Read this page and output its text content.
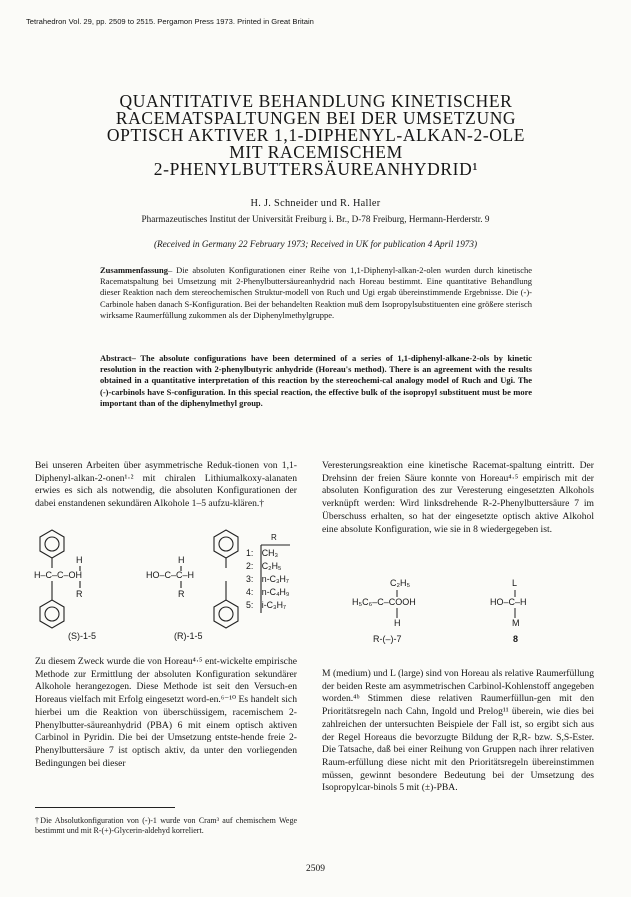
Tetrahedron Vol. 29, pp. 2509 to 2515. Pergamon Press 1973. Printed in Great Britain
QUANTITATIVE BEHANDLUNG KINETISCHER
RACEMATSPALTUNGEN BEI DER UMSETZUNG
OPTISCH AKTIVER 1,1-DIPHENYL-ALKAN-2-OLE
MIT RACEMISCHEM
2-PHENYLBUTTERSÄUREANHYDRID¹
H. J. Schneider und R. Haller
Pharmazeutisches Institut der Universität Freiburg i. Br., D-78 Freiburg, Hermann-Herderstr. 9
(Received in Germany 22 February 1973; Received in UK for publication 4 April 1973)
Zusammenfassung– Die absoluten Konfigurationen einer Reihe von 1,1-Diphenyl-alkan-2-olen wurden durch kinetische Racematspaltung bei Umsetzung mit 2-Phenylbuttersäureanhydrid nach Horeau bestimmt. Eine quantitative Behandlung dieser Reaktion nach dem stereochemischen Struktur-modell von Ruch und Ugi ergab übereinstimmende Ergebnisse. Die (-)-Carbinole haben danach S-Konfiguration. Bei der behandelten Reaktion muß dem Isopropylsubstituenten eine größere sterisch wirksame Raumerfüllung zukommen als der Diphenylmethylgruppe.
Abstract– The absolute configurations have been determined of a series of 1,1-diphenyl-alkane-2-ols by kinetic resolution in the reaction with 2-phenylbutyric anhydride (Horeau's method). There is an agreement with the results obtained in a quantitative interpretation of this reaction by the stereochemi-cal analogy model of Ruch and Ugi. The (-)-carbinols have S-configuration. In this special reaction, the effective bulk of the isopropyl substituent must be more important than of the diphenylmethyl group.
Bei unseren Arbeiten über asymmetrische Reduk-tionen von 1,1-Diphenyl-alkan-2-onen¹·² mit chiralen Lithiumalkoxy-alanaten erwies es sich als notwendig, die absoluten Konfigurationen der dabei enstandenen sekundären Alkohole 1–5 aufzu-klären.†
H
H–C–C–OH
R
H
HO–C–C–H
R
R
1: CH₃
2: C₂H₅
3: n-C₃H₇
4: n-C₄H₉
5: i-C₃H₇
(S)-1-5	(R)-1-5
Zu diesem Zweck wurde die von Horeau⁴·⁵ ent-wickelte empirische Methode zur Ermittlung der absoluten Konfiguration sekundärer Alkohole herangezogen. Diese Methode ist seit den Versuch-en Horeaus vielfach mit Erfolg eingesetzt word-en.⁶⁻¹⁰ Es handelt sich hierbei um die Reaktion von überschüssigem, racemischem 2-Phenylbutter-säureanhydrid (PBA) 6 mit einem optisch aktiven Carbinol in Pyridin. Die bei der Umsetzung entste-hende freie 2-Phenylbuttersäure 7 ist optisch aktiv, da unter den vorliegenden Bedingungen bei dieser
†Die Absolutkonfiguration von (-)-1 wurde von Cram³ auf chemischem Wege bestimmt und mit R-(+)-Glycerin-aldehyd korreliert.
Veresterungsreaktion eine kinetische Racemat-spaltung eintritt. Der Drehsinn der freien Säure konnte von Horeau⁴·⁵ empirisch mit der absoluten Konfiguration des zur Veresterung eingesetzten Alkohols verknüpft werden: Wird linksdrehende R-2-Phenylbuttersäure 7 im Überschuss erhalten, so hat der eingesetzte optisch aktive Alkohol eine absolute Konfiguration, wie sie in 8 wiedergegeben ist.
C₂H₅
H₅C₆–C–COOH
H
L
HO–C–H
M
R-(–)-7	8
M (medium) und L (large) sind von Horeau als relative Raumerfüllung der beiden Reste am asymmetrischen Carbinol-Kohlenstoff angegeben worden.⁴ᵇ Stimmen diese relativen Raumerfüllun-gen mit den Prioritätsregeln nach Cahn, Ingold und Prelog¹¹ überein, wie dies bei zahlreichen der untersuchten Beispiele der Fall ist, so ergibt sich aus der Regel Horeaus die bevorzugte Bildung der R,R- bzw. S,S-Ester. Die Tatsache, daß bei einer Reihung von Gruppen nach ihrer relativen Raum-erfüllung diese nicht mit den Prioritätsregeln übereinstimmen müssen, gewinnt besondere Bedeutung bei der Umsetzung des Isopropylcar-binols 5 mit (±)-PBA.
2509
